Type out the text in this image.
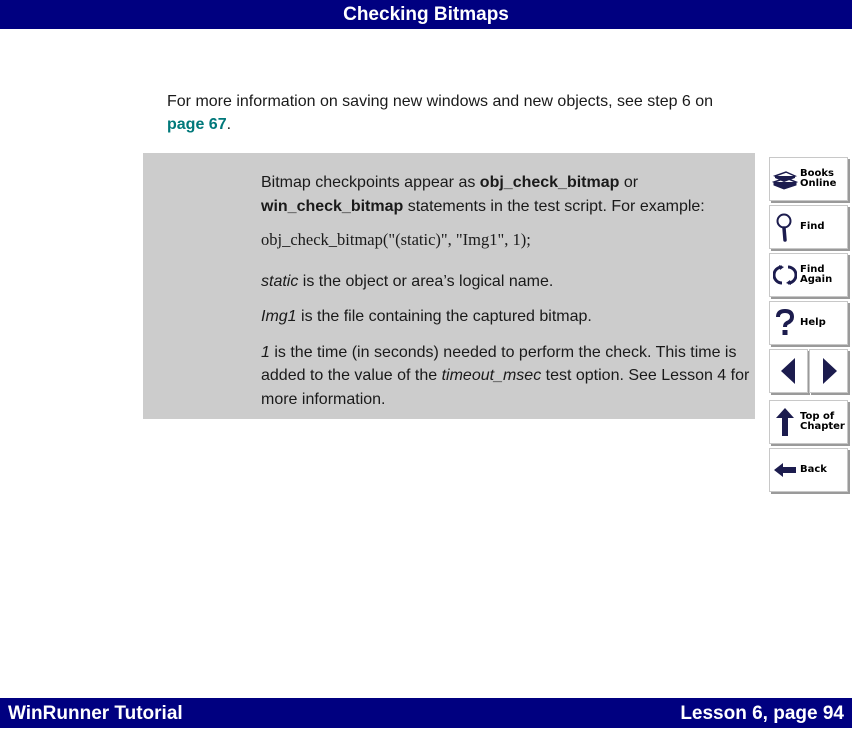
Checking Bitmaps
For more information on saving new windows and new objects, see step 6 on
page 67.

Bitmap checkpoints appear as obj_check_bitmap or
win_check_bitmap statements in the test script. For example:

obj_check_bitmap("(static)", "Img1", 1);

static is the object or area’s logical name.

Img1 is the file containing the captured bitmap.

1 is the time (in seconds) needed to perform the check. This time is added to the value of the timeout_msec test option. See Lesson 4 for more information.

Books
Online
Find
Find
Again
Help
Top of
Chapter
Back
WinRunner Tutorial	Lesson 6, page 94
